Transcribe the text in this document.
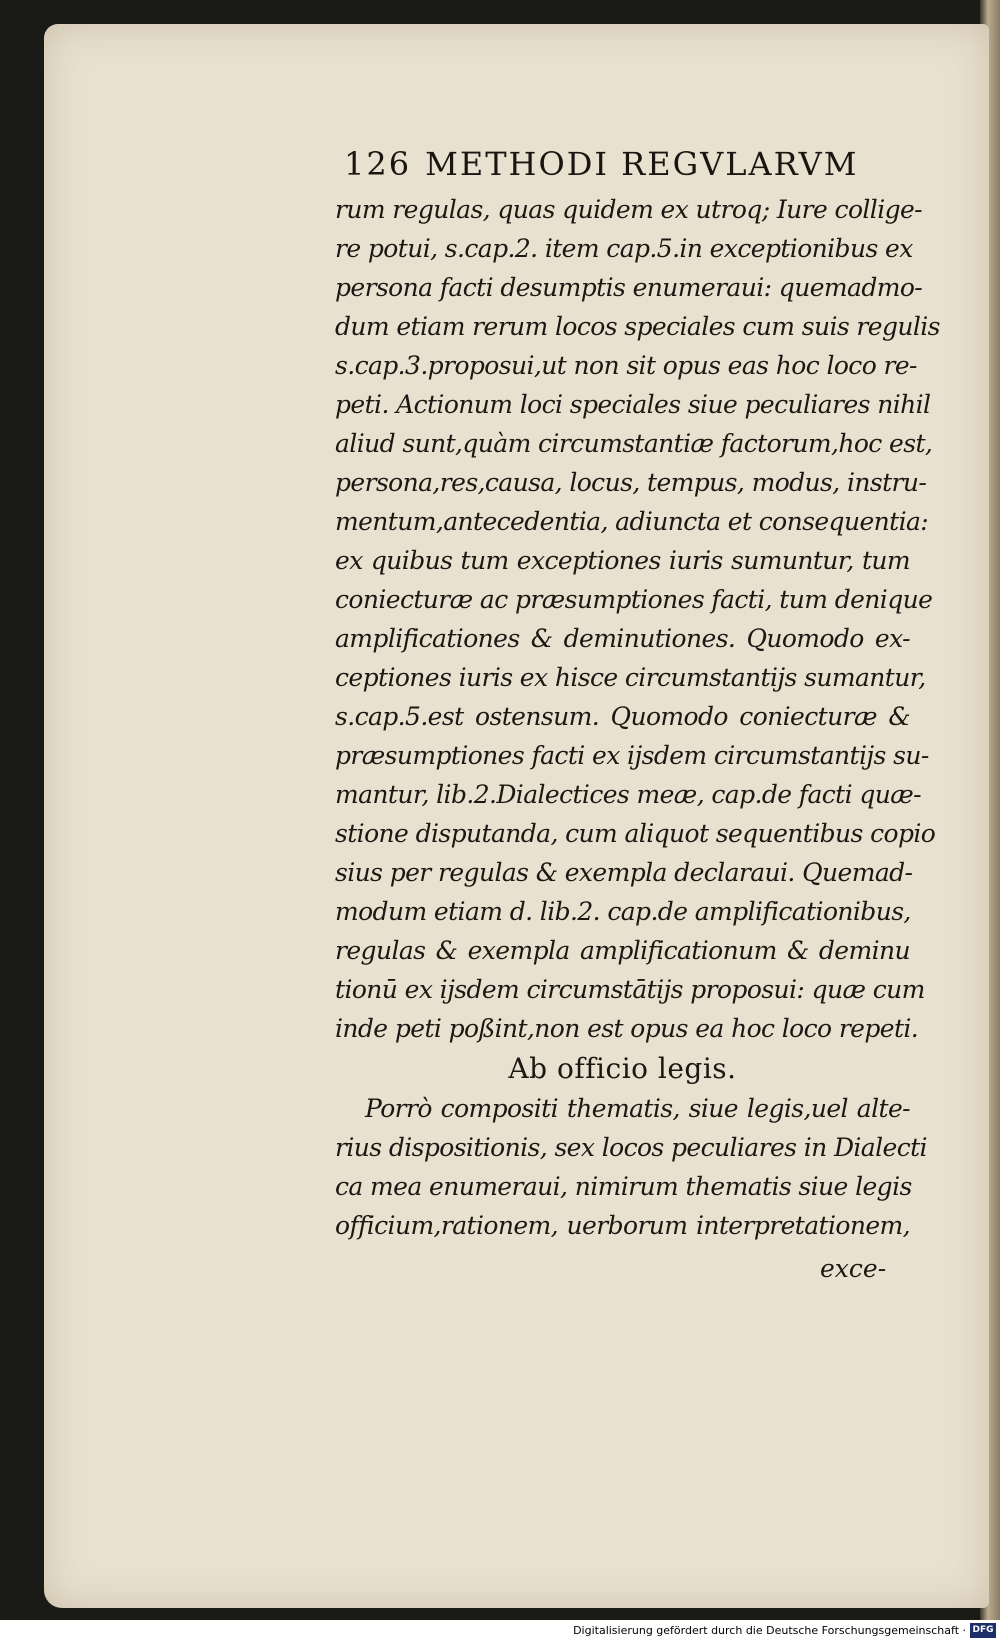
126 METHODI REGVLARVM
rum regulas, quas quidem ex utroq; Iure collige-
re potui, s.cap.2. item cap.5.in exceptionibus ex
persona facti desumptis enumeraui: quemadmo-
dum etiam rerum locos speciales cum suis regulis
s.cap.3.proposui,ut non sit opus eas hoc loco re-
peti. Actionum loci speciales siue peculiares nihil
aliud sunt,quàm circumstantiæ factorum,hoc est,
persona,res,causa, locus, tempus, modus, instru-
mentum,antecedentia, adiuncta et consequentia:
ex quibus tum exceptiones iuris sumuntur, tum
coniecturæ ac præsumptiones facti, tum denique
amplificationes & deminutiones. Quomodo ex-
ceptiones iuris ex hisce circumstantijs sumantur,
s.cap.5.est ostensum. Quomodo coniecturæ &
præsumptiones facti ex ijsdem circumstantijs su-
mantur, lib.2.Dialectices meæ, cap.de facti quæ-
stione disputanda, cum aliquot sequentibus copio
sius per regulas & exempla declaraui. Quemad-
modum etiam d. lib.2. cap.de amplificationibus,
regulas & exempla amplificationum & deminu
tionū ex ijsdem circumstātijs proposui: quæ cum
inde peti poßint,non est opus ea hoc loco repeti.
Ab officio legis.
Porrò compositi thematis, siue legis,uel alte-
rius dispositionis, sex locos peculiares in Dialecti
ca mea enumeraui, nimirum thematis siue legis
officium,rationem, uerborum interpretationem,
exce-
Digitalisierung gefördert durch die Deutsche Forschungsgemeinschaft · DFG
